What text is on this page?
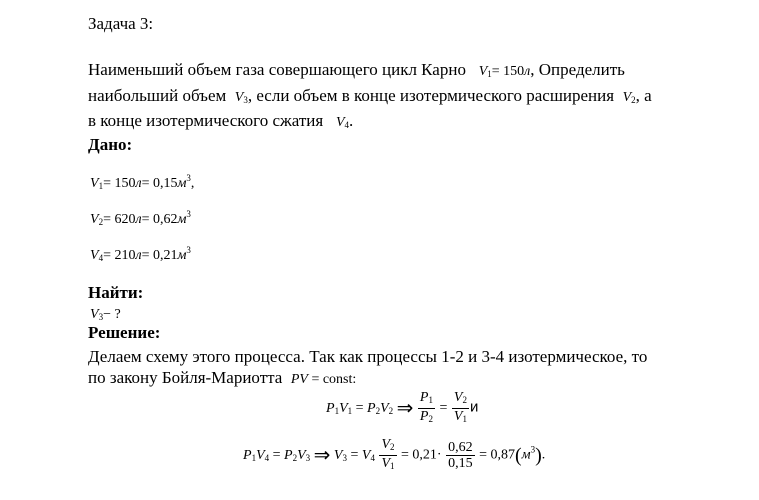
Задача 3:
Наименьший объем газа совершающего цикл Карно $V_1= 150л$, Определить
наибольший объем $V_3$, если объем в конце изотермического расширения $V_2$, а
в конце изотермического сжатия $V_4$.
Дано:
$V_1= 150л= 0,15м^3$,
$V_2= 620л= 0,62м^3$
$V_4= 210л= 0,21м^3$
Найти:
$V_3-$ ?
Решение:
Делаем схему этого процесса. Так как процессы 1-2 и 3-4 изотермическое, то
по закону Бойля-Мариотта PV = const:
$P_1V_1 = P_2V_2$ ⇒ $\frac{P_1}{P_2} = \frac{V_2}{V_1}$ и
$P_1V_4 = P_2V_3$ ⇒ $V_3 = V_4 \frac{V_2}{V_1} = 0,21\cdot \frac{0,62}{0,15} = 0,87(м^3)$.
